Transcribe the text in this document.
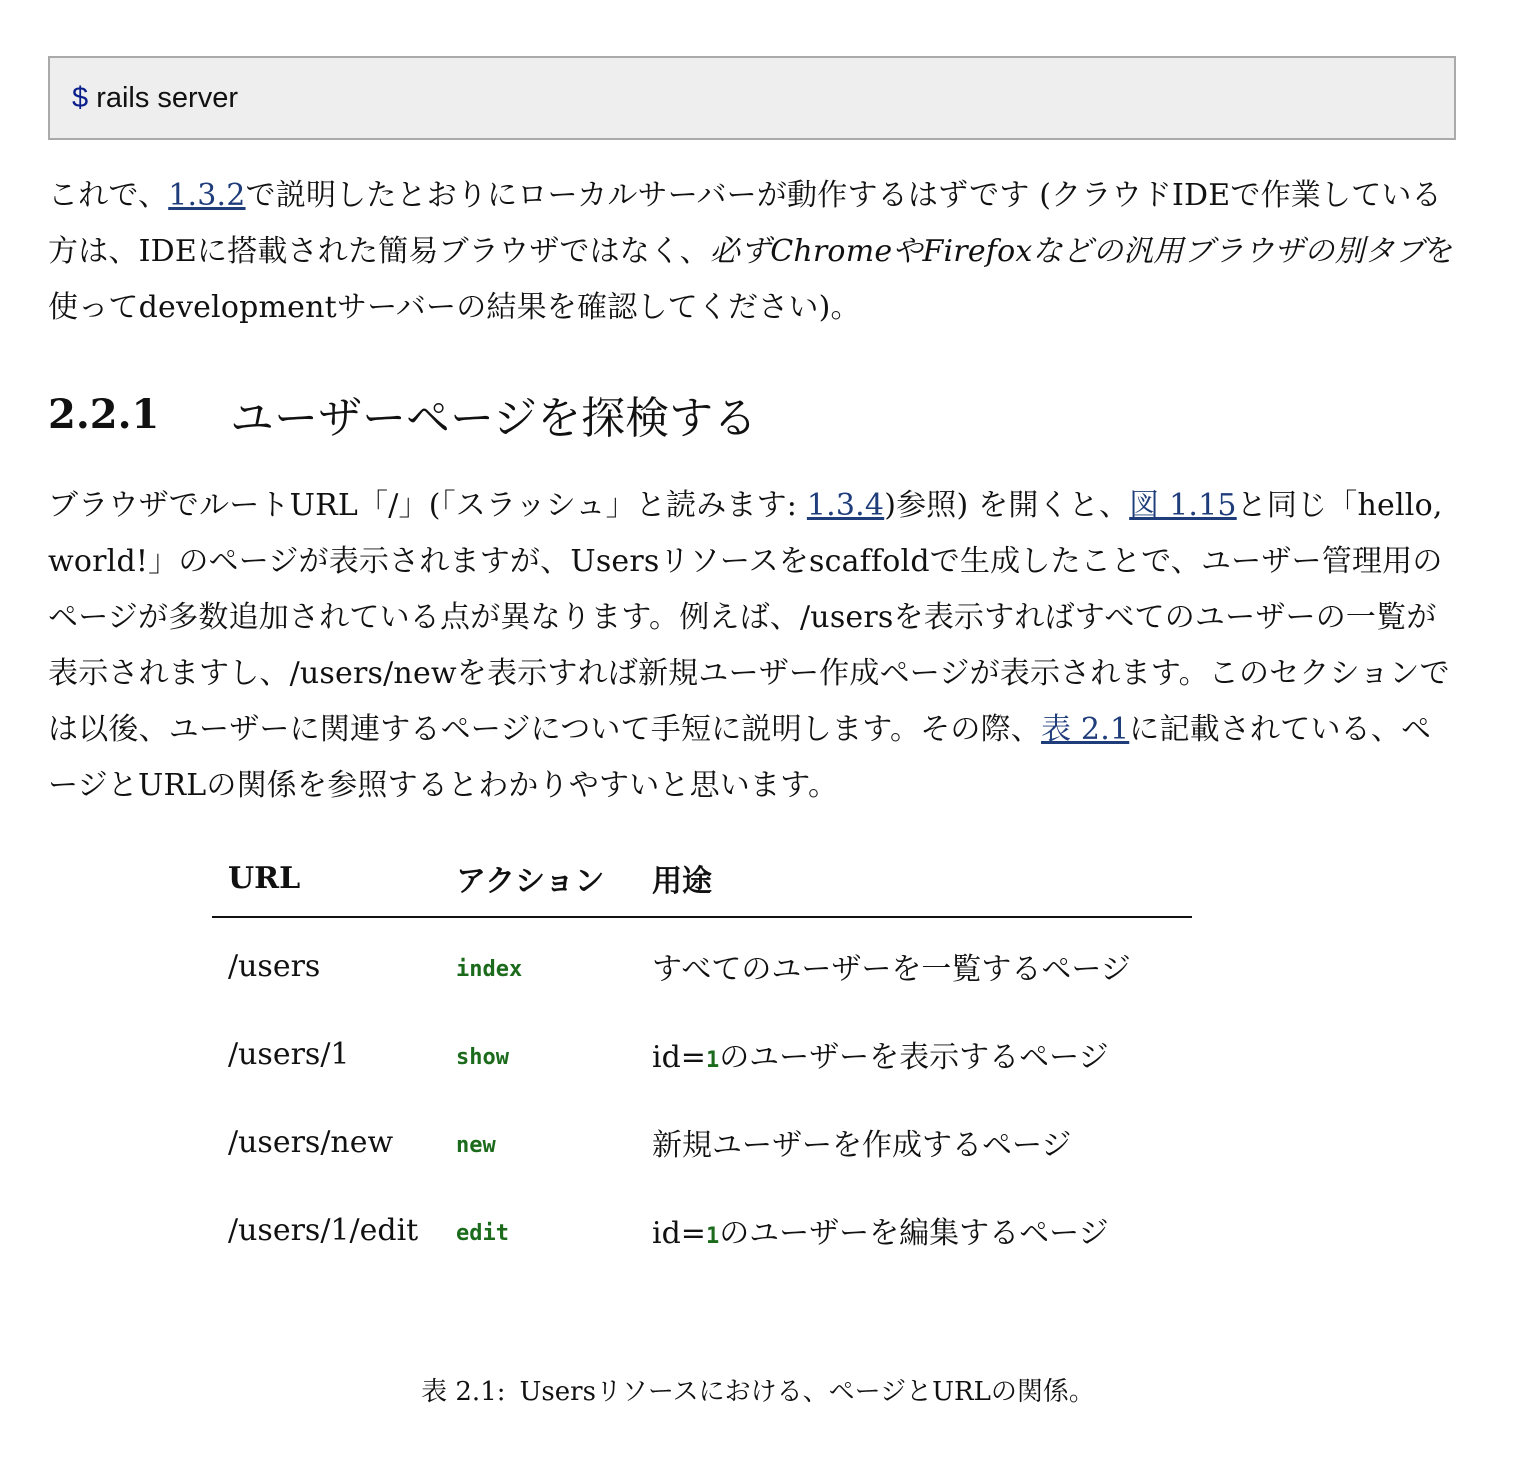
$ rails server

これで、1.3.2で説明したとおりにローカルサーバーが動作するはずです (クラウドIDEで作業している方は、IDEに搭載された簡易ブラウザではなく、必ずChromeやFirefoxなどの汎用ブラウザの別タブを使ってdevelopmentサーバーの結果を確認してください)。

2.2.1	ユーザーページを探検する

ブラウザでルートURL「/」(「スラッシュ」と読みます: 1.3.4)参照) を開くと、図 1.15と同じ「hello, world!」のページが表示されますが、Usersリソースをscaffoldで生成したことで、ユーザー管理用のページが多数追加されている点が異なります。例えば、/usersを表示すればすべてのユーザーの一覧が表示されますし、/users/newを表示すれば新規ユーザー作成ページが表示されます。このセクションでは以後、ユーザーに関連するページについて手短に説明します。その際、表 2.1に記載されている、ページとURLの関係を参照するとわかりやすいと思います。

URL	アクション	用途
/users	index	すべてのユーザーを一覧するページ
/users/1	show	id=1のユーザーを表示するページ
/users/new	new	新規ユーザーを作成するページ
/users/1/edit	edit	id=1のユーザーを編集するページ
表 2.1: Usersリソースにおける、ページとURLの関係。
